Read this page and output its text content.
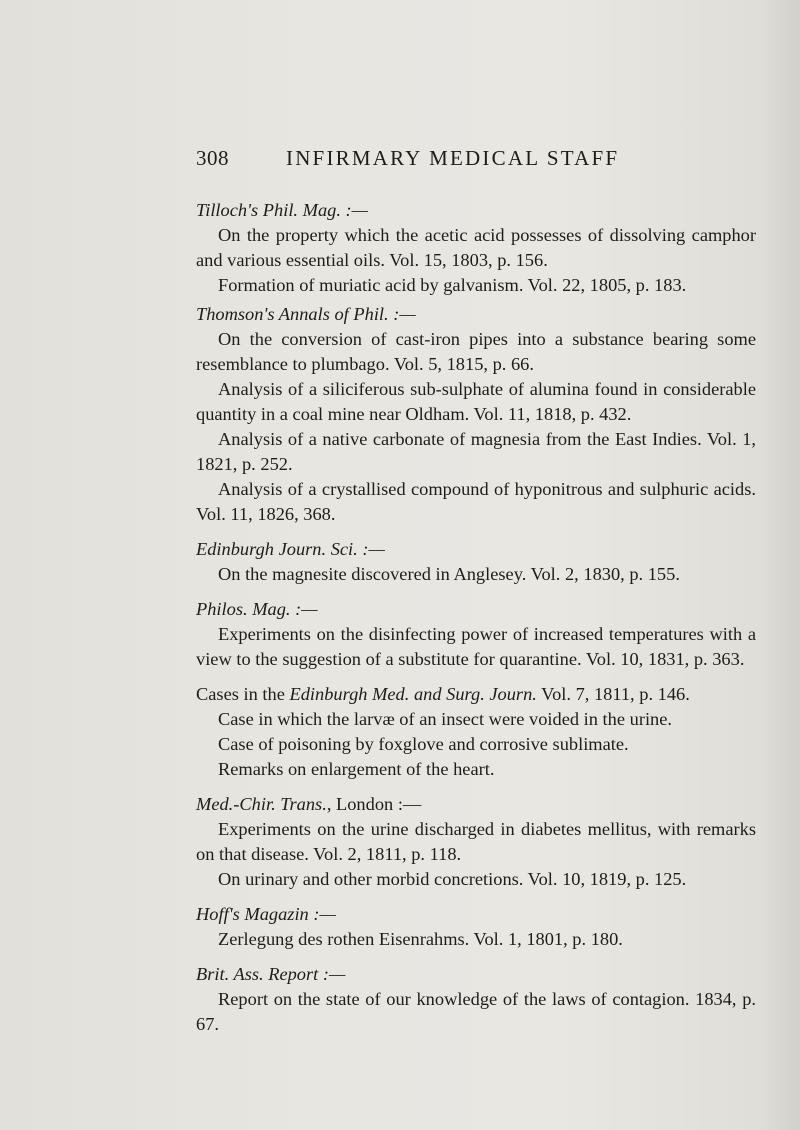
308	INFIRMARY MEDICAL STAFF

Tilloch's Phil. Mag. :—

On the property which the acetic acid possesses of dissolving camphor and various essential oils. Vol. 15, 1803, p. 156.

Formation of muriatic acid by galvanism. Vol. 22, 1805, p. 183.

Thomson's Annals of Phil. :—

On the conversion of cast-iron pipes into a substance bearing some resemblance to plumbago. Vol. 5, 1815, p. 66.

Analysis of a siliciferous sub-sulphate of alumina found in considerable quantity in a coal mine near Oldham. Vol. 11, 1818, p. 432.

Analysis of a native carbonate of magnesia from the East Indies. Vol. 1, 1821, p. 252.

Analysis of a crystallised compound of hyponitrous and sulphuric acids. Vol. 11, 1826, 368.

Edinburgh Journ. Sci. :—

On the magnesite discovered in Anglesey. Vol. 2, 1830, p. 155.

Philos. Mag. :—

Experiments on the disinfecting power of increased temperatures with a view to the suggestion of a substitute for quarantine. Vol. 10, 1831, p. 363.

Cases in the Edinburgh Med. and Surg. Journ. Vol. 7, 1811, p. 146.

Case in which the larvæ of an insect were voided in the urine.

Case of poisoning by foxglove and corrosive sublimate.

Remarks on enlargement of the heart.

Med.-Chir. Trans., London :—

Experiments on the urine discharged in diabetes mellitus, with remarks on that disease. Vol. 2, 1811, p. 118.

On urinary and other morbid concretions. Vol. 10, 1819, p. 125.

Hoff's Magazin :—

Zerlegung des rothen Eisenrahms. Vol. 1, 1801, p. 180.

Brit. Ass. Report :—

Report on the state of our knowledge of the laws of contagion. 1834, p. 67.
